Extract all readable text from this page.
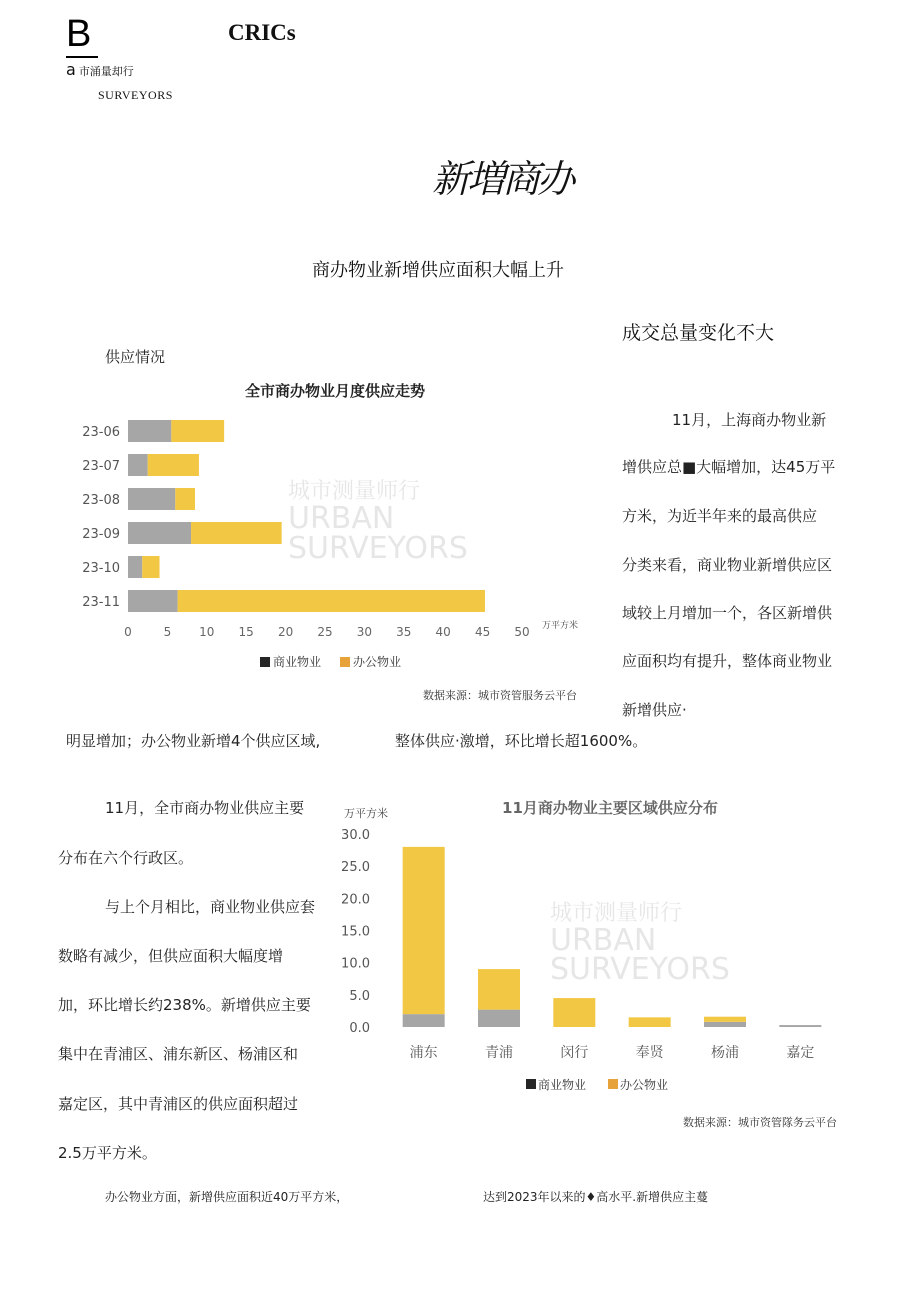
B
a 市涌量却行
CRICs
SURVEYORS
新増商办
商办物业新增供应面积大幅上升
成交总量变化不大
供应情况
城市测量师行
URBAN
SURVEYORS
全市商办物业月度供应走势
23-06
23-07
23-08
23-09
23-10
23-11
0	5 10 15 20 25 30 35 40 45 50 万平方米
商业物业	办公物业
数据来源：城市资管服务云平台
11月，上海商办物业新
增供应总■大幅增加，达45万平
方米，为近半年来的最高供应
分类来看，商业物业新增供应区
域较上月增加一个，各区新增供
应面积均有提升，整体商业物业
新增供应·
明显增加；办公物业新增4个供应区域,	整体供应·激增，环比增长超1600%。
11月，全市商办物业供应主要
分布在六个行政区。
与上个月相比，商业物业供应套
数略有减少，但供应面积大幅度增
加，环比增长约238%。新增供应主要
集中在青浦区、浦东新区、杨浦区和
嘉定区，其中青浦区的供应面积超过
2.5万平方米。
城市测量师行
URBAN
SURVEYORS
11月商办物业主要区域供应分布
万平方米
0.0
5.0
10.0
15.0
20.0
25.0
30.0
浦东	青浦	闵行	奉贤	杨浦	嘉定
商业物业	办公物业
数据来源：城市资管隊务云平台
办公物业方面，新增供应面积近40万平方米，	达到2023年以来的♦高水平.新增供应主蔓
